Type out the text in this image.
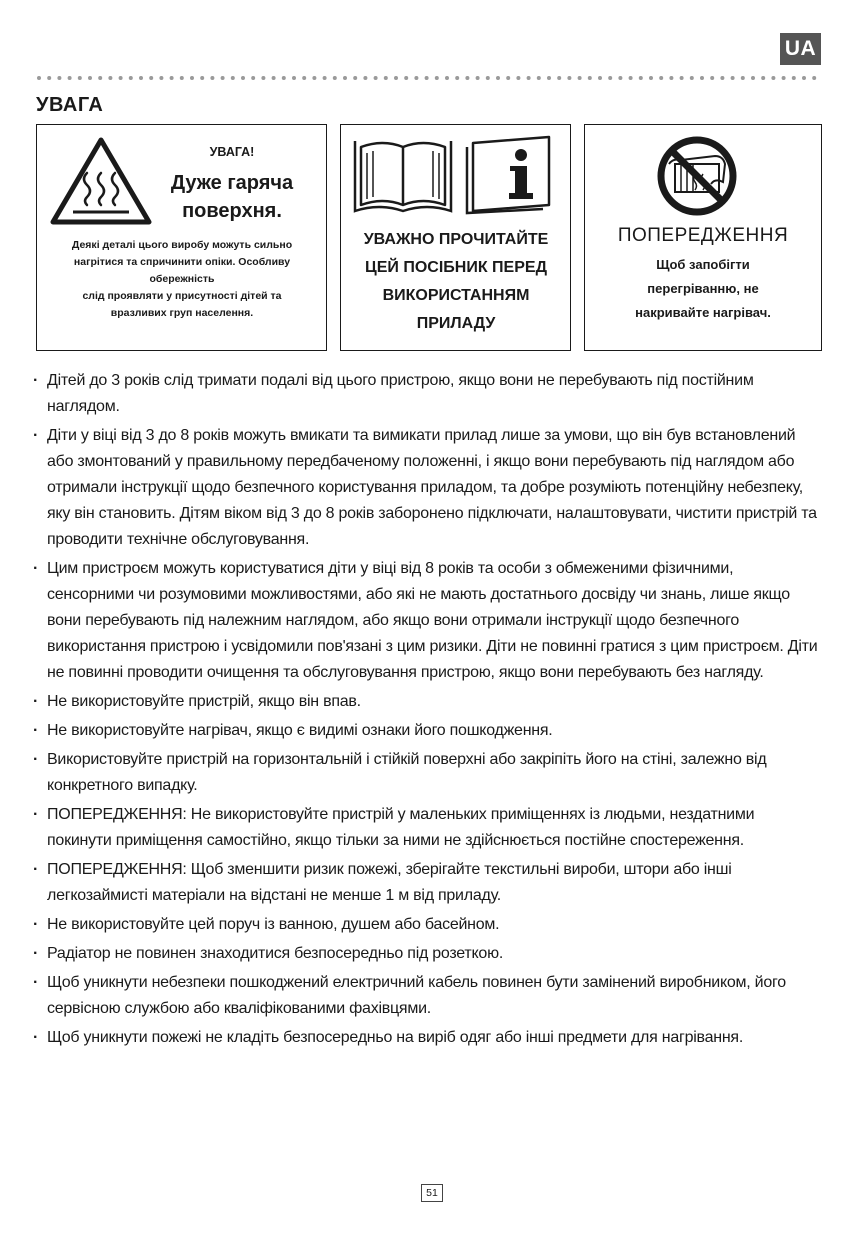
UA
УВАГА
УВАГА!
Дуже гаряча
поверхня.
Деякі деталі цього виробу можуть сильно
нагрітися та спричинити опіки. Особливу
обережність
слід проявляти у присутності дітей та
вразливих груп населення.
УВАЖНО ПРОЧИТАЙТЕ
ЦЕЙ ПОСІБНИК ПЕРЕД
ВИКОРИСТАННЯМ
ПРИЛАДУ
ПОПЕРЕДЖЕННЯ
Щоб запобігти
перегріванню, не
накривайте нагрівач.
· Дітей до 3 років слід тримати подалі від цього пристрою, якщо вони не перебувають під постійним наглядом.
· Діти у віці від 3 до 8 років можуть вмикати та вимикати прилад лише за умови, що він був встановлений або змонтований у правильному передбаченому положенні, і якщо вони перебувають під наглядом або отримали інструкції щодо безпечного користування приладом, та добре розуміють потенційну небезпеку, яку він становить. Дітям віком від 3 до 8 років заборонено підключати, налаштовувати, чистити пристрій та проводити технічне обслуговування.
· Цим пристроєм можуть користуватися діти у віці від 8 років та особи з обмеженими фізичними, сенсорними чи розумовими можливостями, або які не мають достатнього досвіду чи знань, лише якщо вони перебувають під належним наглядом, або якщо вони отримали інструкції щодо безпечного використання пристрою і усвідомили пов'язані з цим ризики. Діти не повинні гратися з цим пристроєм. Діти не повинні проводити очищення та обслуговування пристрою, якщо вони перебувають без нагляду.
· Не використовуйте пристрій, якщо він впав.
· Не використовуйте нагрівач, якщо є видимі ознаки його пошкодження.
· Використовуйте пристрій на горизонтальній і стійкій поверхні або закріпіть його на стіні, залежно від конкретного випадку.
· ПОПЕРЕДЖЕННЯ: Не використовуйте пристрій у маленьких приміщеннях із людьми, нездатними покинути приміщення самостійно, якщо тільки за ними не здійснюється постійне спостереження.
· ПОПЕРЕДЖЕННЯ: Щоб зменшити ризик пожежі, зберігайте текстильні вироби, штори або інші легкозаймисті матеріали на відстані не менше 1 м від приладу.
· Не використовуйте цей поруч із ванною, душем або басейном.
· Радіатор не повинен знаходитися безпосередньо під розеткою.
· Щоб уникнути небезпеки пошкоджений електричний кабель повинен бути замінений виробником, його сервісною службою або кваліфікованими фахівцями.
· Щоб уникнути пожежі не кладіть безпосередньо на виріб одяг або інші предмети для нагрівання.
51
